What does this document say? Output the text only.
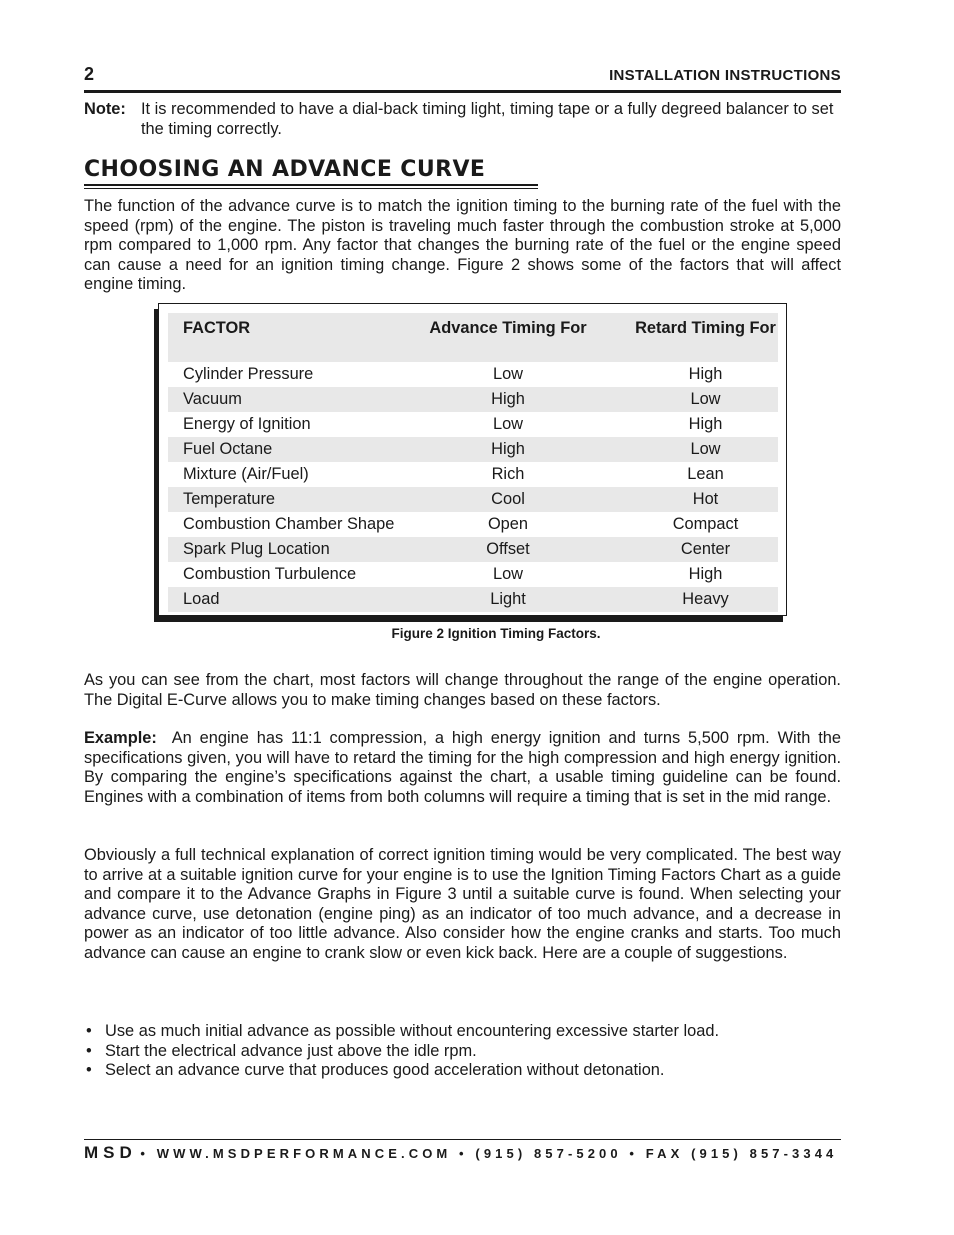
2	INSTALLATION INSTRUCTIONS
Note: It is recommended to have a dial-back timing light, timing tape or a fully degreed balancer to set the timing correctly.
CHOOSING AN ADVANCE CURVE
The function of the advance curve is to match the ignition timing to the burning rate of the fuel with the speed (rpm) of the engine. The piston is traveling much faster through the combustion stroke at 5,000 rpm compared to 1,000 rpm. Any factor that changes the burning rate of the fuel or the engine speed can cause a need for an ignition timing change. Figure 2 shows some of the factors that will affect engine timing.
FACTOR	Advance Timing For	Retard Timing For
Cylinder Pressure	Low	High
Vacuum	High	Low
Energy of Ignition	Low	High
Fuel Octane	High	Low
Mixture (Air/Fuel)	Rich	Lean
Temperature	Cool	Hot
Combustion Chamber Shape	Open	Compact
Spark Plug Location	Offset	Center
Combustion Turbulence	Low	High
Load	Light	Heavy
Figure 2 Ignition Timing Factors.
As you can see from the chart, most factors will change throughout the range of the engine operation. The Digital E-Curve allows you to make timing changes based on these factors.
Example: An engine has 11:1 compression, a high energy ignition and turns 5,500 rpm. With the specifications given, you will have to retard the timing for the high compression and high energy ignition. By comparing the engine’s specifications against the chart, a usable timing guideline can be found. Engines with a combination of items from both columns will require a timing that is set in the mid range.
Obviously a full technical explanation of correct ignition timing would be very complicated. The best way to arrive at a suitable ignition curve for your engine is to use the Ignition Timing Factors Chart as a guide and compare it to the Advance Graphs in Figure 3 until a suitable curve is found. When selecting your advance curve, use detonation (engine ping) as an indicator of too much advance, and a decrease in power as an indicator of too little advance. Also consider how the engine cranks and starts. Too much advance can cause an engine to crank slow or even kick back. Here are a couple of suggestions.
• Use as much initial advance as possible without encountering excessive starter load.
• Start the electrical advance just above the idle rpm.
• Select an advance curve that produces good acceleration without detonation.
MSD • WWW.MSDPERFORMANCE.COM • (915) 857-5200 • FAX (915) 857-3344
